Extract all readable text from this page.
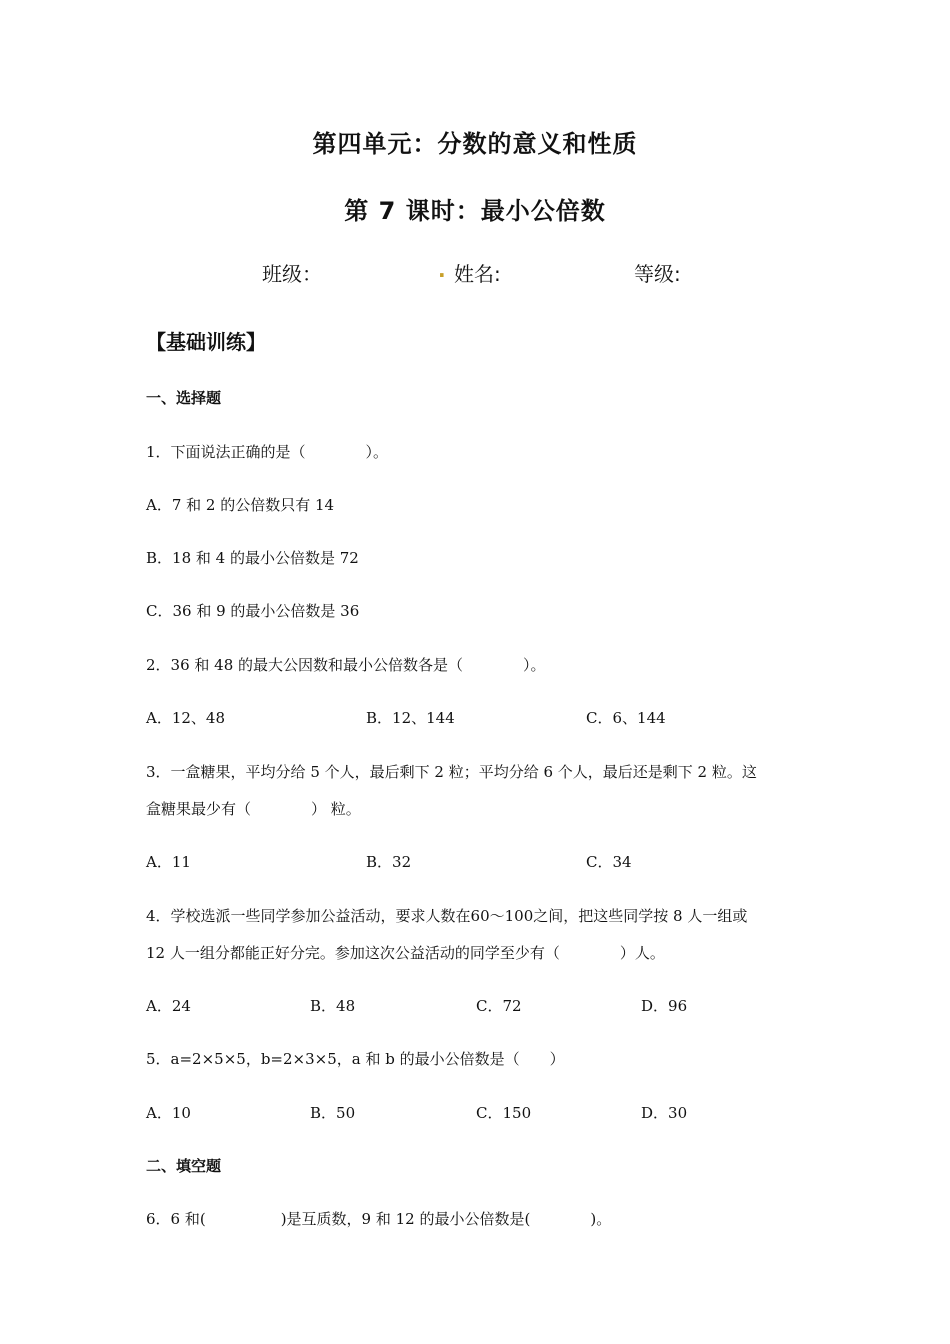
第四单元：分数的意义和性质
第 7 课时：最小公倍数
班级：	. 姓名:	等级:
【基础训练】
一、选择题
1．下面说法正确的是（　　　　）。
A．7 和 2 的公倍数只有 14
B．18 和 4 的最小公倍数是 72
C．36 和 9 的最小公倍数是 36
2．36 和 48 的最大公因数和最小公倍数各是（　　　　）。
A．12、48	B．12、144	C．6、144
3．一盒糖果，平均分给 5 个人，最后剩下 2 粒；平均分给 6 个人，最后还是剩下 2 粒。这
盒糖果最少有（　　　　） 粒。
A．11	B．32	C．34
4．学校选派一些同学参加公益活动，要求人数在60～100之间，把这些同学按 8 人一组或
12 人一组分都能正好分完。参加这次公益活动的同学至少有（　　　　）人。
A．24	B．48	C．72	D．96
5．a=2×5×5，b=2×3×5，a 和 b 的最小公倍数是（　　）
A．10	B．50	C．150	D．30
二、填空题
6．6 和(　　　　　)是互质数，9 和 12 的最小公倍数是(　　　　)。
